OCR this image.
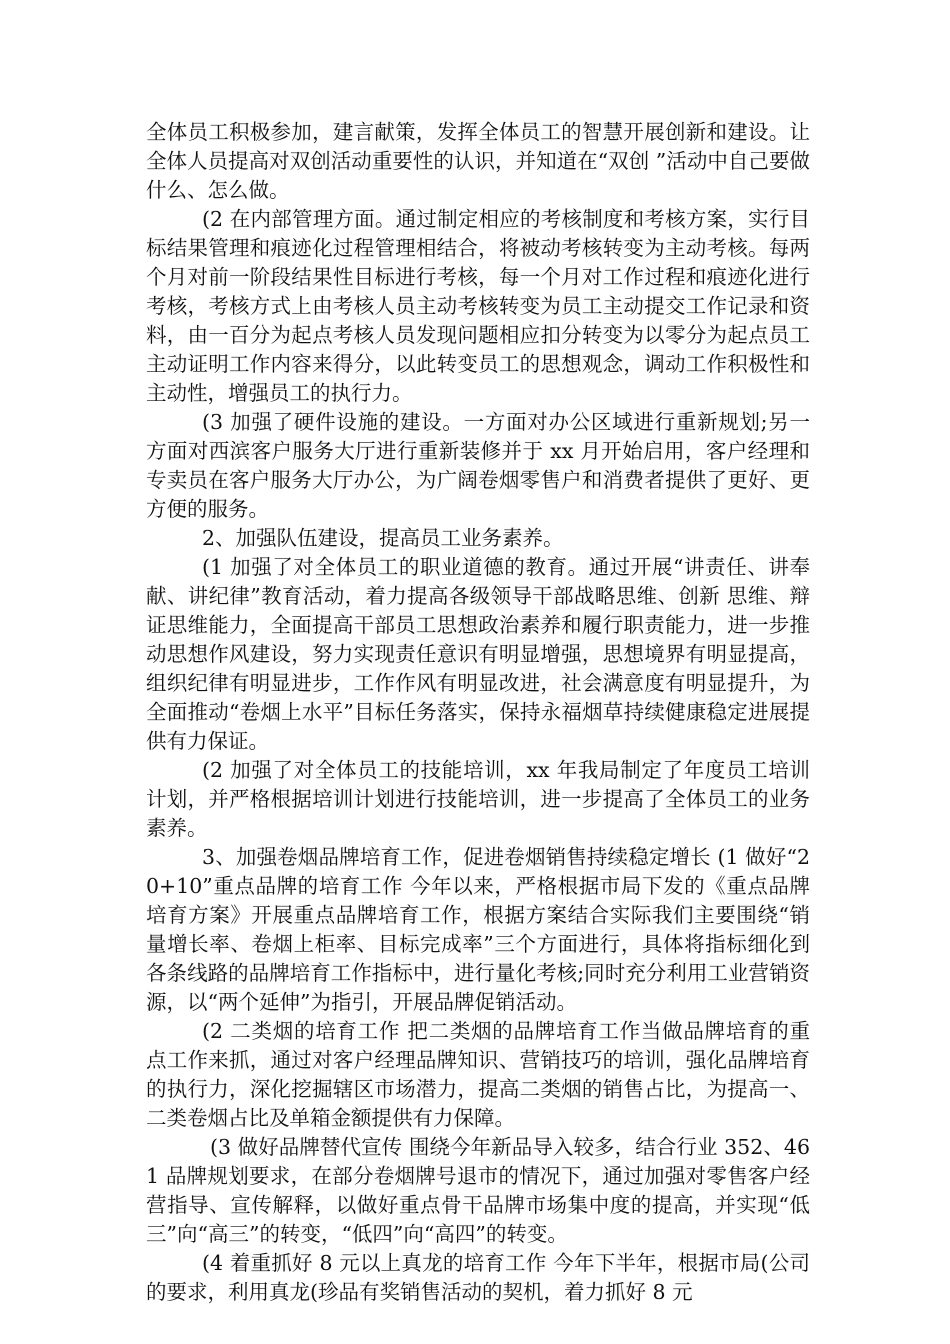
全体员工积极参加，建言献策，发挥全体员工的智慧开展创新和建设。让全体人员提高对双创活动重要性的认识，并知道在“双创 ”活动中自己要做什么、怎么做。

(2 在内部管理方面。通过制定相应的考核制度和考核方案，实行目标结果管理和痕迹化过程管理相结合，将被动考核转变为主动考核。每两个月对前一阶段结果性目标进行考核，每一个月对工作过程和痕迹化进行考核，考核方式上由考核人员主动考核转变为员工主动提交工作记录和资料，由一百分为起点考核人员发现问题相应扣分转变为以零分为起点员工主动证明工作内容来得分，以此转变员工的思想观念，调动工作积极性和主动性，增强员工的执行力。

(3 加强了硬件设施的建设。一方面对办公区域进行重新规划;另一方面对西滨客户服务大厅进行重新装修并于 xx 月开始启用，客户经理和专卖员在客户服务大厅办公，为广阔卷烟零售户和消费者提供了更好、更方便的服务。

2、加强队伍建设，提高员工业务素养。

(1 加强了对全体员工的职业道德的教育。通过开展“讲责任、讲奉献、讲纪律”教育活动，着力提高各级领导干部战略思维、创新 思维、辩证思维能力，全面提高干部员工思想政治素养和履行职责能力，进一步推动思想作风建设，努力实现责任意识有明显增强，思想境界有明显提高，组织纪律有明显进步，工作作风有明显改进，社会满意度有明显提升，为全面推动“卷烟上水平”目标任务落实，保持永福烟草持续健康稳定进展提供有力保证。

(2 加强了对全体员工的技能培训，xx 年我局制定了年度员工培训计划，并严格根据培训计划进行技能培训，进一步提高了全体员工的业务素养。

3、加强卷烟品牌培育工作，促进卷烟销售持续稳定增长 (1 做好“20+10”重点品牌的培育工作 今年以来，严格根据市局下发的《重点品牌培育方案》开展重点品牌培育工作，根据方案结合实际我们主要围绕“销量增长率、卷烟上柜率、目标完成率”三个方面进行，具体将指标细化到各条线路的品牌培育工作指标中，进行量化考核;同时充分利用工业营销资源，以“两个延伸”为指引，开展品牌促销活动。

(2 二类烟的培育工作 把二类烟的品牌培育工作当做品牌培育的重点工作来抓，通过对客户经理品牌知识、营销技巧的培训，强化品牌培育的执行力，深化挖掘辖区市场潜力，提高二类烟的销售占比，为提高一、二类卷烟占比及单箱金额提供有力保障。

(3 做好品牌替代宣传 围绕今年新品导入较多，结合行业 352、461 品牌规划要求，在部分卷烟牌号退市的情况下，通过加强对零售客户经营指导、宣传解释，以做好重点骨干品牌市场集中度的提高，并实现“低三”向“高三”的转变，“低四”向“高四”的转变。

(4 着重抓好 8 元以上真龙的培育工作 今年下半年，根据市局(公司的要求，利用真龙(珍品有奖销售活动的契机，着力抓好 8 元
